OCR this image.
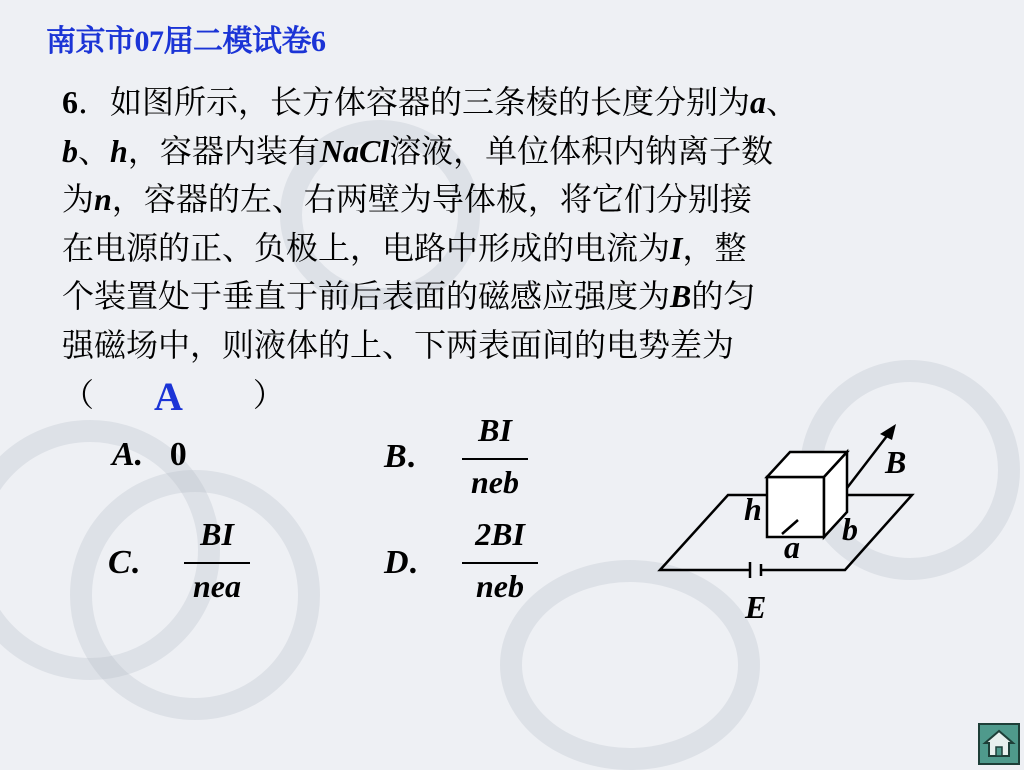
南京市07届二模试卷6
6．如图所示，长方体容器的三条棱的长度分别为a、
b、h，容器内装有NaCl溶液，单位体积内钠离子数
为n，容器的左、右两壁为导体板，将它们分别接
在电源的正、负极上，电路中形成的电流为I，整
个装置处于垂直于前后表面的磁感应强度为B的匀
强磁场中，则液体的上、下两表面间的电势差为
（ A ）
A. 0	B.
BI
neb
C.
BI
nea
D.
2BI
neb
B
h
b
a
E
